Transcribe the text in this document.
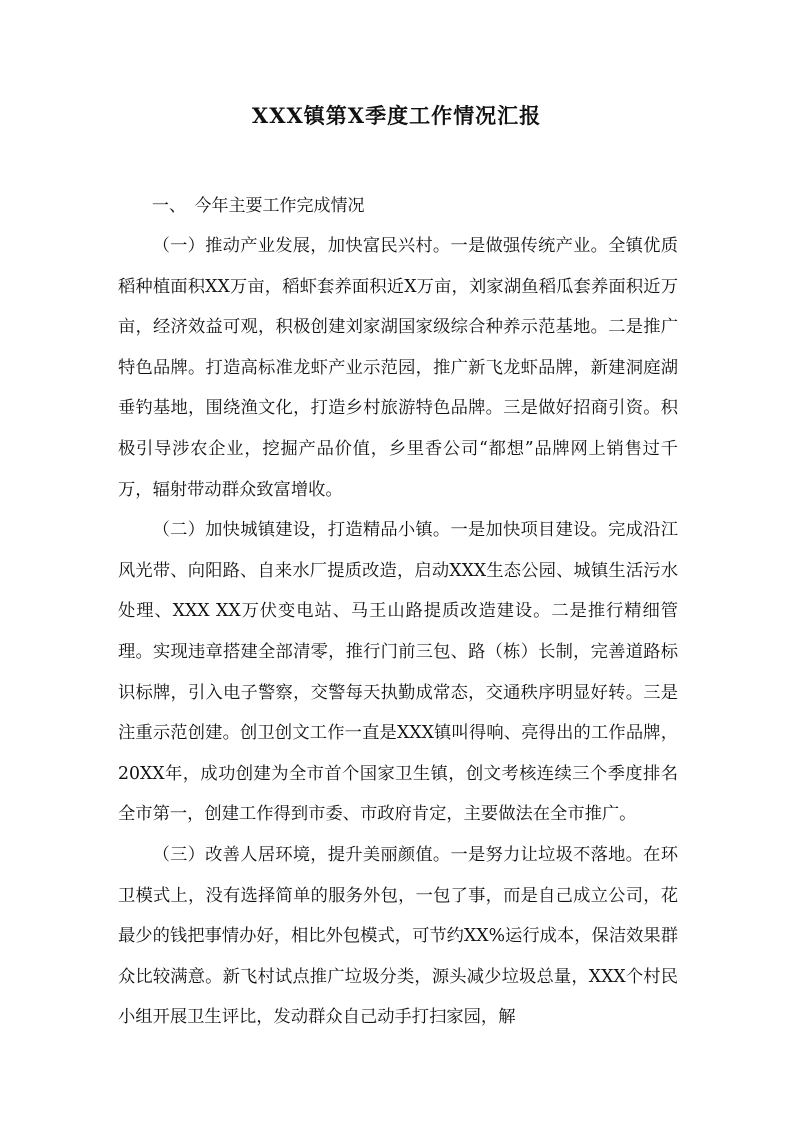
XXX镇第X季度工作情况汇报

一、　今年主要工作完成情况

（一）推动产业发展，加快富民兴村。一是做强传统产业。全镇优质稻种植面积XX万亩，稻虾套养面积近X万亩，刘家湖鱼稻瓜套养面积近万亩，经济效益可观，积极创建刘家湖国家级综合种养示范基地。二是推广特色品牌。打造高标准龙虾产业示范园，推广新飞龙虾品牌，新建洞庭湖垂钓基地，围绕渔文化，打造乡村旅游特色品牌。三是做好招商引资。积极引导涉农企业，挖掘产品价值，乡里香公司“都想”品牌网上销售过千万，辐射带动群众致富增收。

（二）加快城镇建设，打造精品小镇。一是加快项目建设。完成沿江风光带、向阳路、自来水厂提质改造，启动XXX生态公园、城镇生活污水处理、XXX XX万伏变电站、马王山路提质改造建设。二是推行精细管理。实现违章搭建全部清零，推行门前三包、路（栋）长制，完善道路标识标牌，引入电子警察，交警每天执勤成常态，交通秩序明显好转。三是注重示范创建。创卫创文工作一直是XXX镇叫得响、亮得出的工作品牌，20XX年，成功创建为全市首个国家卫生镇，创文考核连续三个季度排名全市第一，创建工作得到市委、市政府肯定，主要做法在全市推广。

（三）改善人居环境，提升美丽颜值。一是努力让垃圾不落地。在环卫模式上，没有选择简单的服务外包，一包了事，而是自己成立公司，花最少的钱把事情办好，相比外包模式，可节约XX%运行成本，保洁效果群众比较满意。新飞村试点推广垃圾分类，源头减少垃圾总量，XXX个村民小组开展卫生评比，发动群众自己动手打扫家园，解
